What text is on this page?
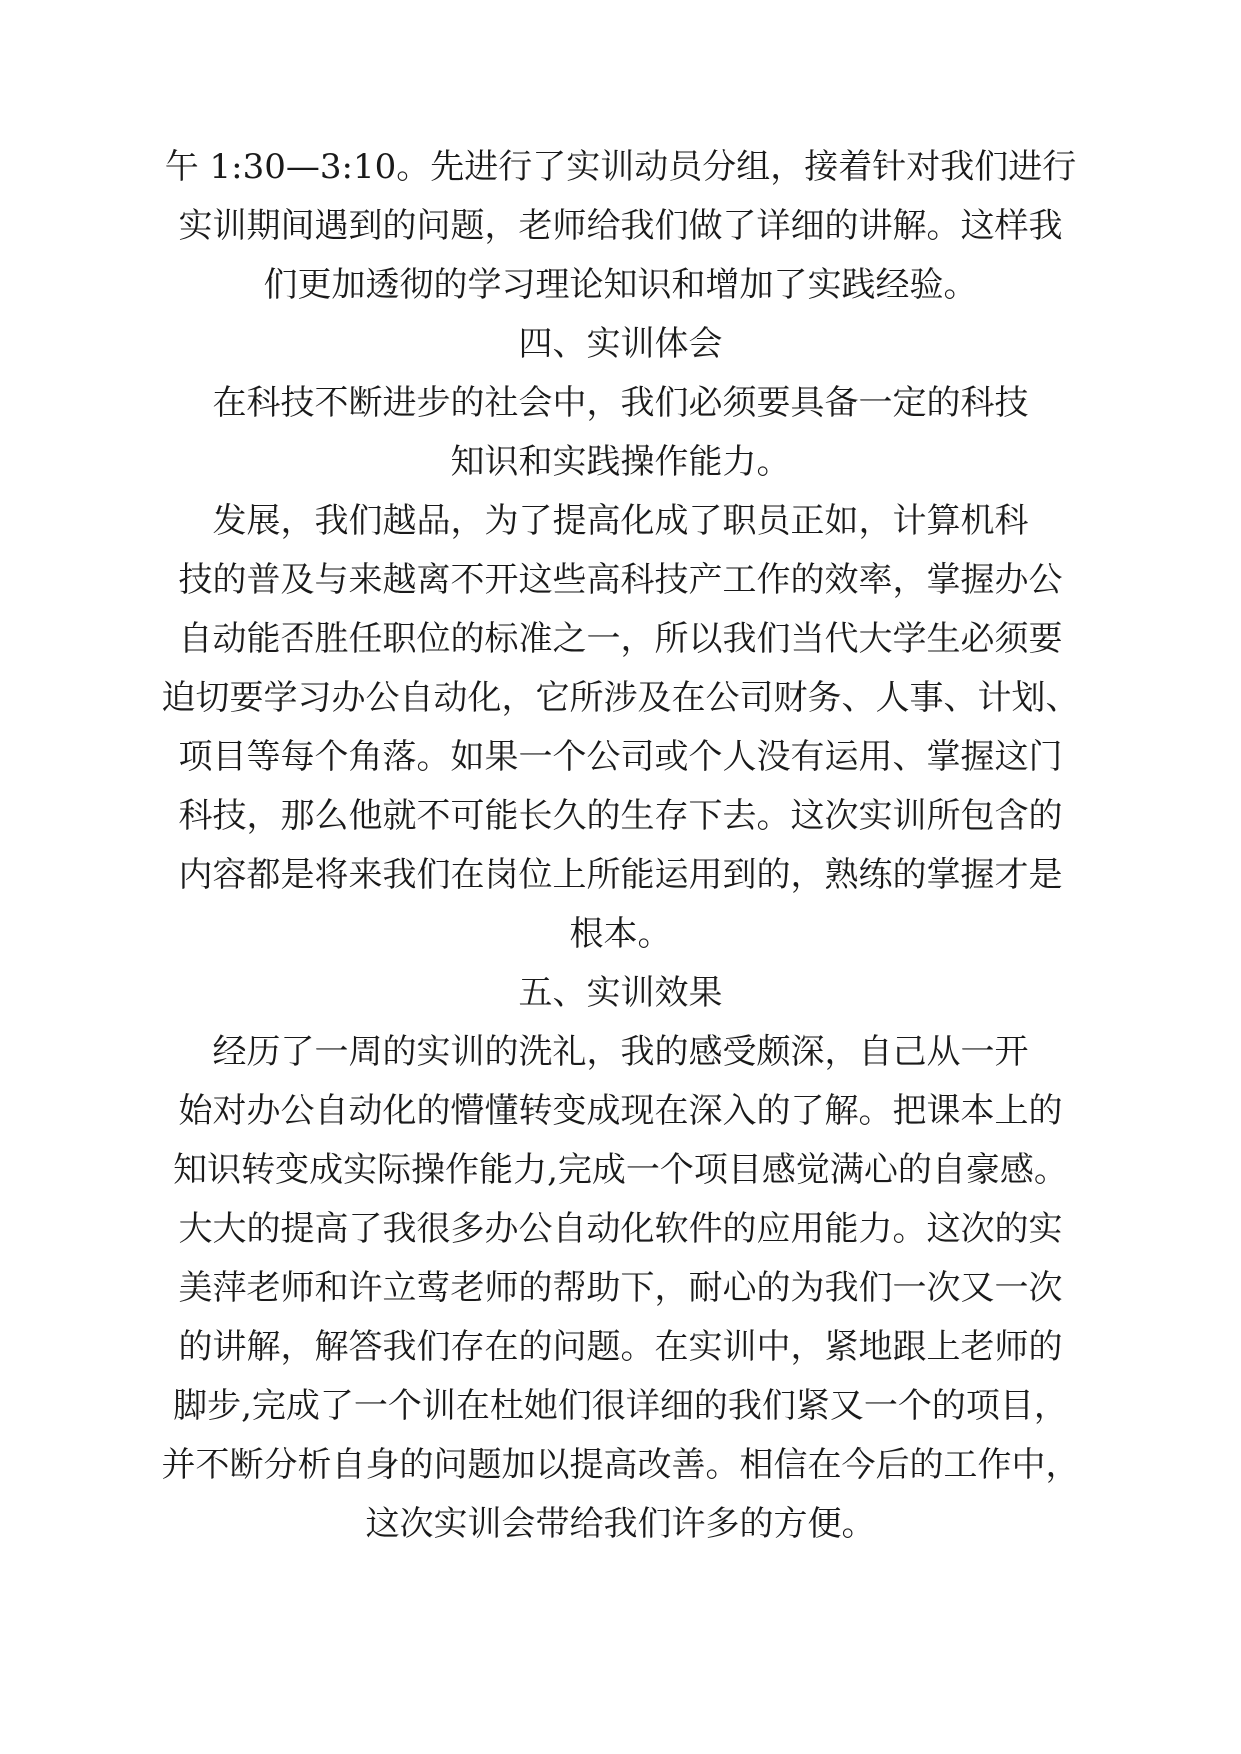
午 1:30—3:10。先进行了实训动员分组，接着针对我们进行
实训期间遇到的问题，老师给我们做了详细的讲解。这样我
们更加透彻的学习理论知识和增加了实践经验。
四、实训体会
在科技不断进步的社会中，我们必须要具备一定的科技
知识和实践操作能力。
发展，我们越品，为了提高化成了职员正如，计算机科
技的普及与来越离不开这些高科技产工作的效率，掌握办公
自动能否胜任职位的标准之一，所以我们当代大学生必须要
迫切要学习办公自动化，它所涉及在公司财务、人事、计划、
项目等每个角落。如果一个公司或个人没有运用、掌握这门
科技，那么他就不可能长久的生存下去。这次实训所包含的
内容都是将来我们在岗位上所能运用到的，熟练的掌握才是
根本。
五、实训效果
经历了一周的实训的洗礼，我的感受颇深，自己从一开
始对办公自动化的懵懂转变成现在深入的了解。把课本上的
知识转变成实际操作能力,完成一个项目感觉满心的自豪感。
大大的提高了我很多办公自动化软件的应用能力。这次的实
美萍老师和许立莺老师的帮助下，耐心的为我们一次又一次
的讲解，解答我们存在的问题。在实训中，紧地跟上老师的
脚步,完成了一个训在杜她们很详细的我们紧又一个的项目，
并不断分析自身的问题加以提高改善。相信在今后的工作中，
这次实训会带给我们许多的方便。
